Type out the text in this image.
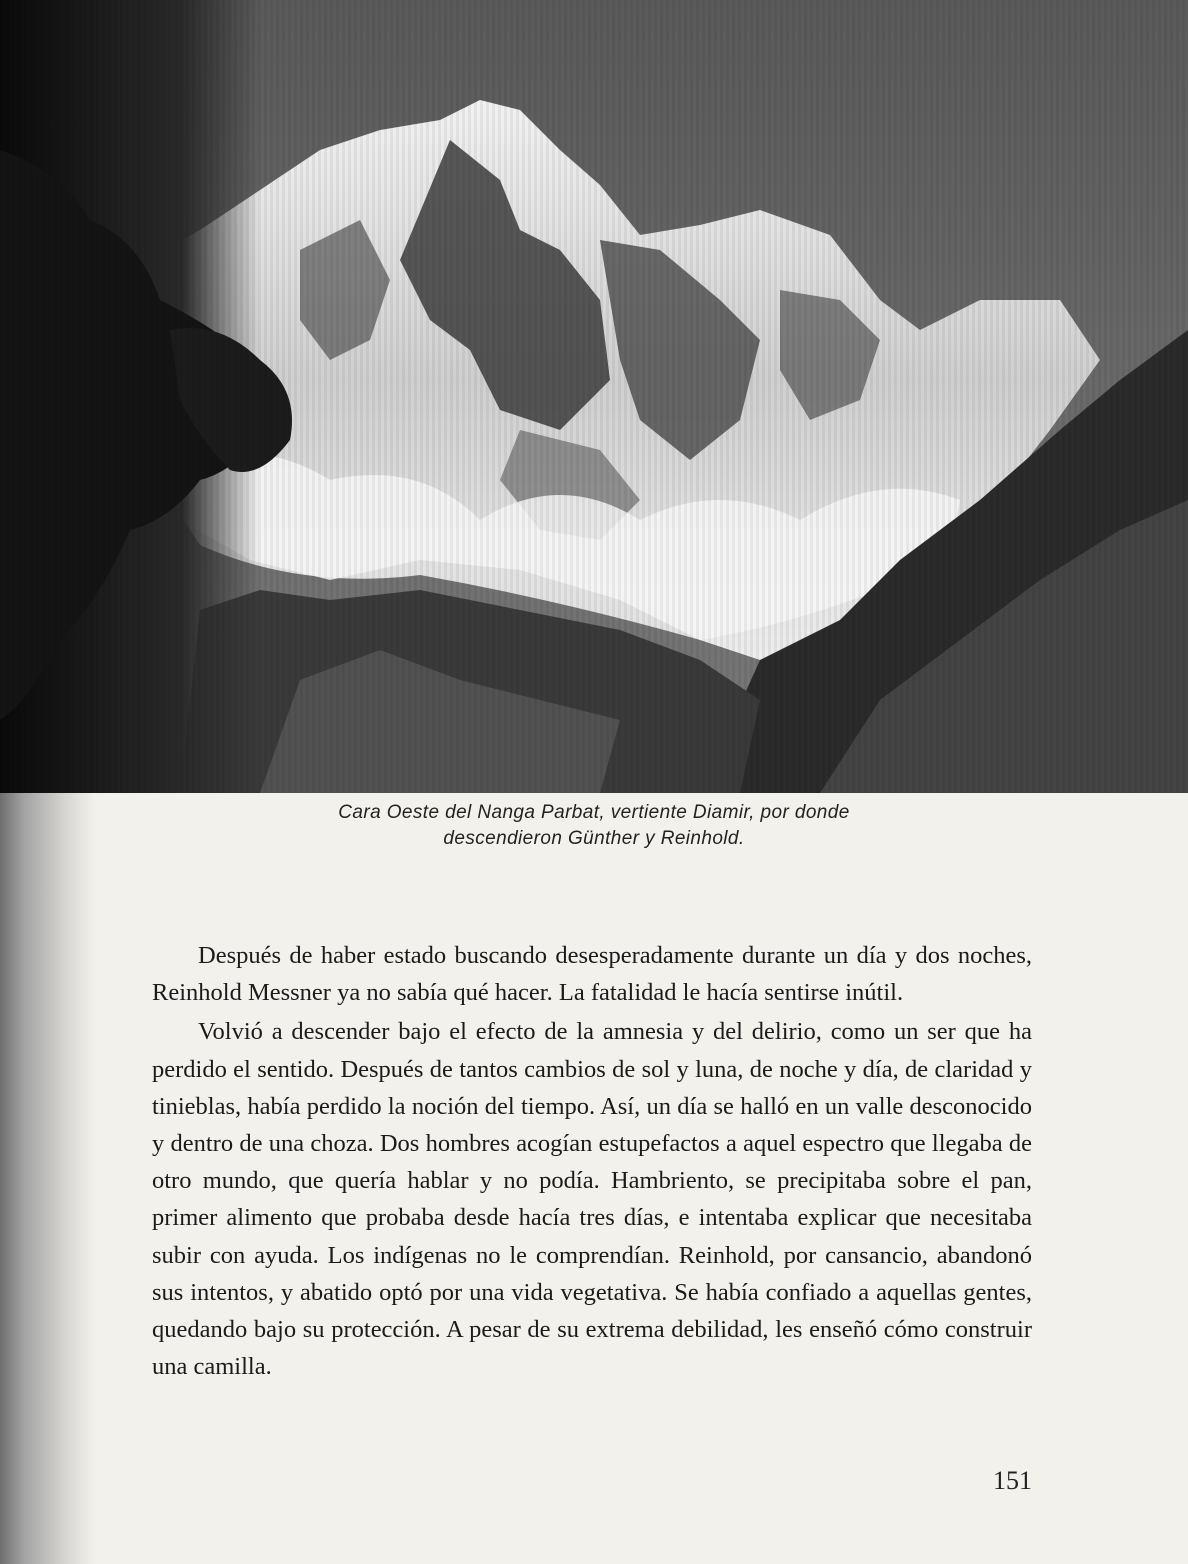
Cara Oeste del Nanga Parbat, vertiente Diamir, por donde
descendieron Günther y Reinhold.

Después de haber estado buscando desesperadamente durante un día y dos noches, Reinhold Messner ya no sabía qué hacer. La fatalidad le hacía sentirse inútil.

Volvió a descender bajo el efecto de la amnesia y del delirio, como un ser que ha perdido el sentido. Después de tantos cambios de sol y luna, de noche y día, de claridad y tinieblas, había perdido la noción del tiempo. Así, un día se halló en un valle desconocido y dentro de una choza. Dos hombres acogían estupefactos a aquel espectro que llegaba de otro mundo, que quería hablar y no podía. Hambriento, se precipitaba sobre el pan, primer alimento que probaba desde hacía tres días, e intentaba explicar que necesitaba subir con ayuda. Los indígenas no le comprendían. Reinhold, por cansancio, abandonó sus intentos, y abatido optó por una vida vegetativa. Se había confiado a aquellas gentes, quedando bajo su protección. A pesar de su extrema debilidad, les enseñó cómo construir una camilla.

151
